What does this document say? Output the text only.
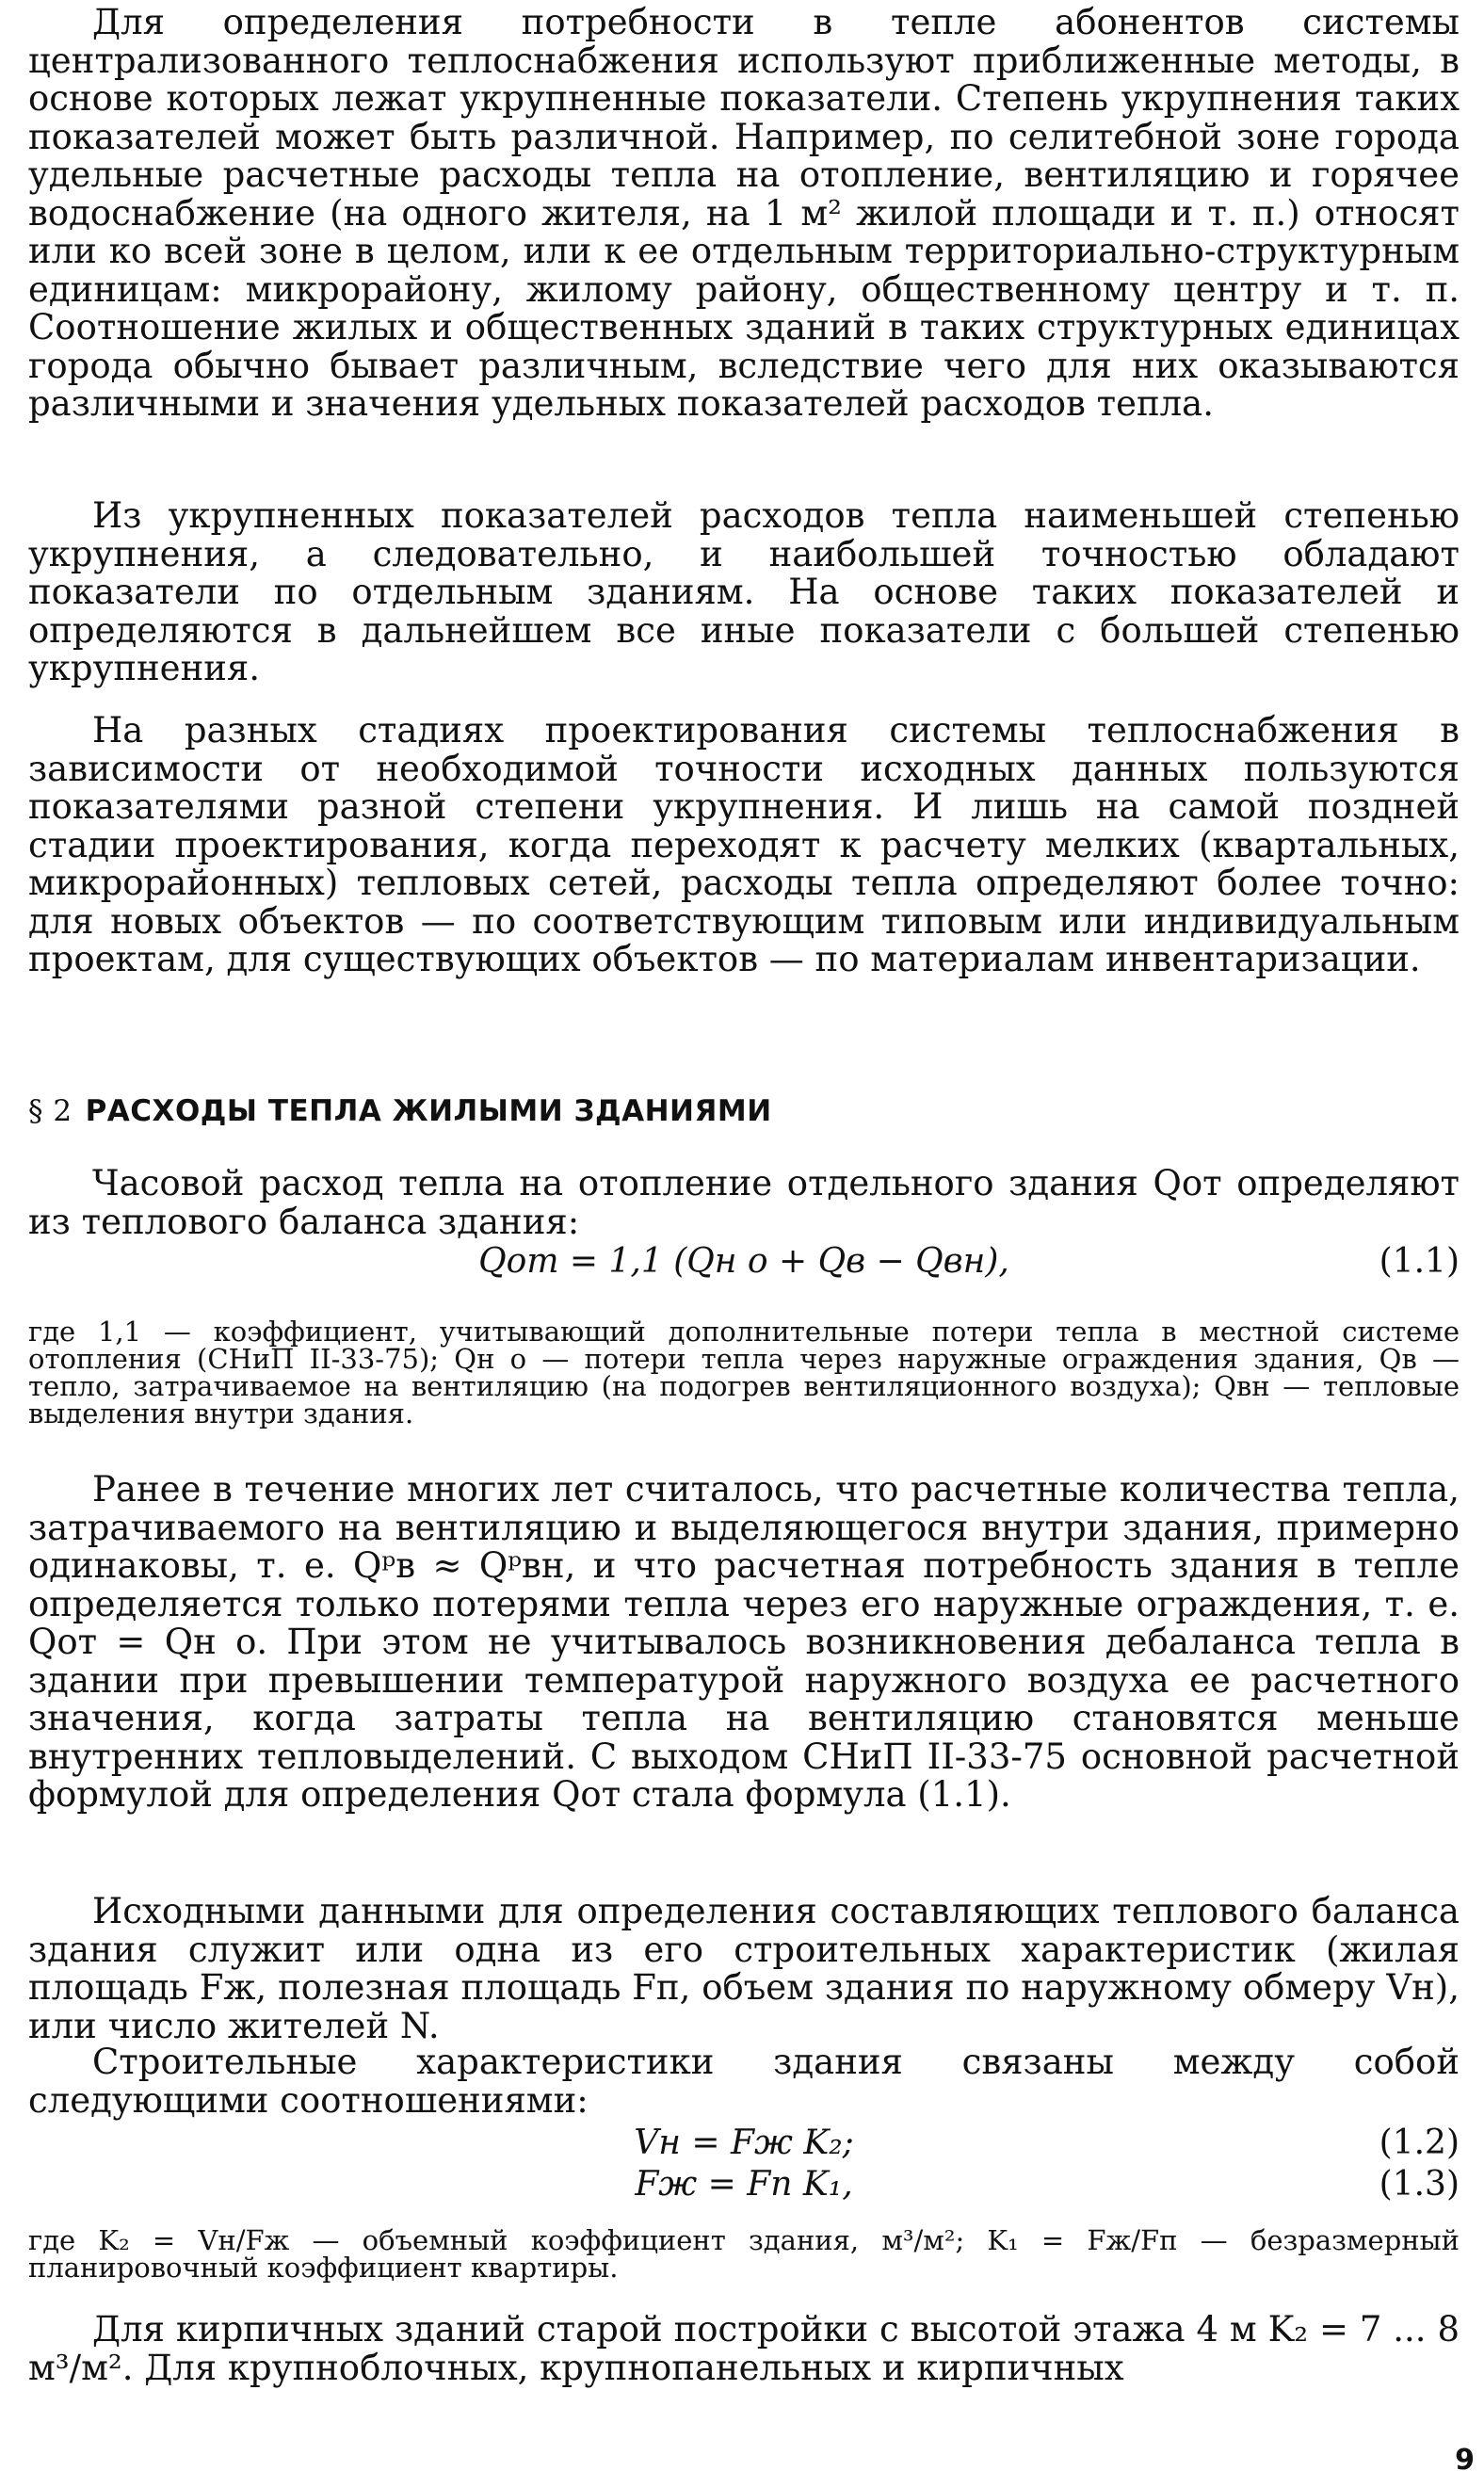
Для определения потребности в тепле абонентов системы централизованного теплоснабжения используют приближенные методы, в основе которых лежат укрупненные показатели. Степень укрупнения таких показателей может быть различной. Например, по селитебной зоне города удельные расчетные расходы тепла на отопление, вентиляцию и горячее водоснабжение (на одного жителя, на 1 м² жилой площади и т. п.) относят или ко всей зоне в целом, или к ее отдельным территориально-структурным единицам: микрорайону, жилому району, общественному центру и т. п. Соотношение жилых и общественных зданий в таких структурных единицах города обычно бывает различным, вследствие чего для них оказываются различными и значения удельных показателей расходов тепла.

Из укрупненных показателей расходов тепла наименьшей степенью укрупнения, а следовательно, и наибольшей точностью обладают показатели по отдельным зданиям. На основе таких показателей и определяются в дальнейшем все иные показатели с большей степенью укрупнения.

На разных стадиях проектирования системы теплоснабжения в зависимости от необходимой точности исходных данных пользуются показателями разной степени укрупнения. И лишь на самой поздней стадии проектирования, когда переходят к расчету мелких (квартальных, микрорайонных) тепловых сетей, расходы тепла определяют более точно: для новых объектов — по соответствующим типовым или индивидуальным проектам, для существующих объектов — по материалам инвентаризации.

§ 2 РАСХОДЫ ТЕПЛА ЖИЛЫМИ ЗДАНИЯМИ

Часовой расход тепла на отопление отдельного здания Qот определяют из теплового баланса здания:

Qот = 1,1 (Qн о + Qв − Qвн),	(1.1)

где 1,1 — коэффициент, учитывающий дополнительные потери тепла в местной системе отопления (СНиП II-33-75); Qн о — потери тепла через наружные ограждения здания, Qв — тепло, затрачиваемое на вентиляцию (на подогрев вентиляционного воздуха); Qвн — тепловые выделения внутри здания.

Ранее в течение многих лет считалось, что расчетные количества тепла, затрачиваемого на вентиляцию и выделяющегося внутри здания, примерно одинаковы, т. е. Qᵖв ≈ Qᵖвн, и что расчетная потребность здания в тепле определяется только потерями тепла через его наружные ограждения, т. е. Qот = Qн о. При этом не учитывалось возникновения дебаланса тепла в здании при превышении температурой наружного воздуха ее расчетного значения, когда затраты тепла на вентиляцию становятся меньше внутренних тепловыделений. С выходом СНиП II-33-75 основной расчетной формулой для определения Qот стала формула (1.1).

Исходными данными для определения составляющих теплового баланса здания служит или одна из его строительных характеристик (жилая площадь Fж, полезная площадь Fп, объем здания по наружному обмеру Vн), или число жителей N.

Строительные характеристики здания связаны между собой следующими соотношениями:

Vн = Fж K₂;	(1.2)
Fж = Fп K₁,	(1.3)

где K₂ = Vн/Fж — объемный коэффициент здания, м³/м²; K₁ = Fж/Fп — безразмерный планировочный коэффициент квартиры.

Для кирпичных зданий старой постройки с высотой этажа 4 м K₂ = 7 ... 8 м³/м². Для крупноблочных, крупнопанельных и кирпичных

9
